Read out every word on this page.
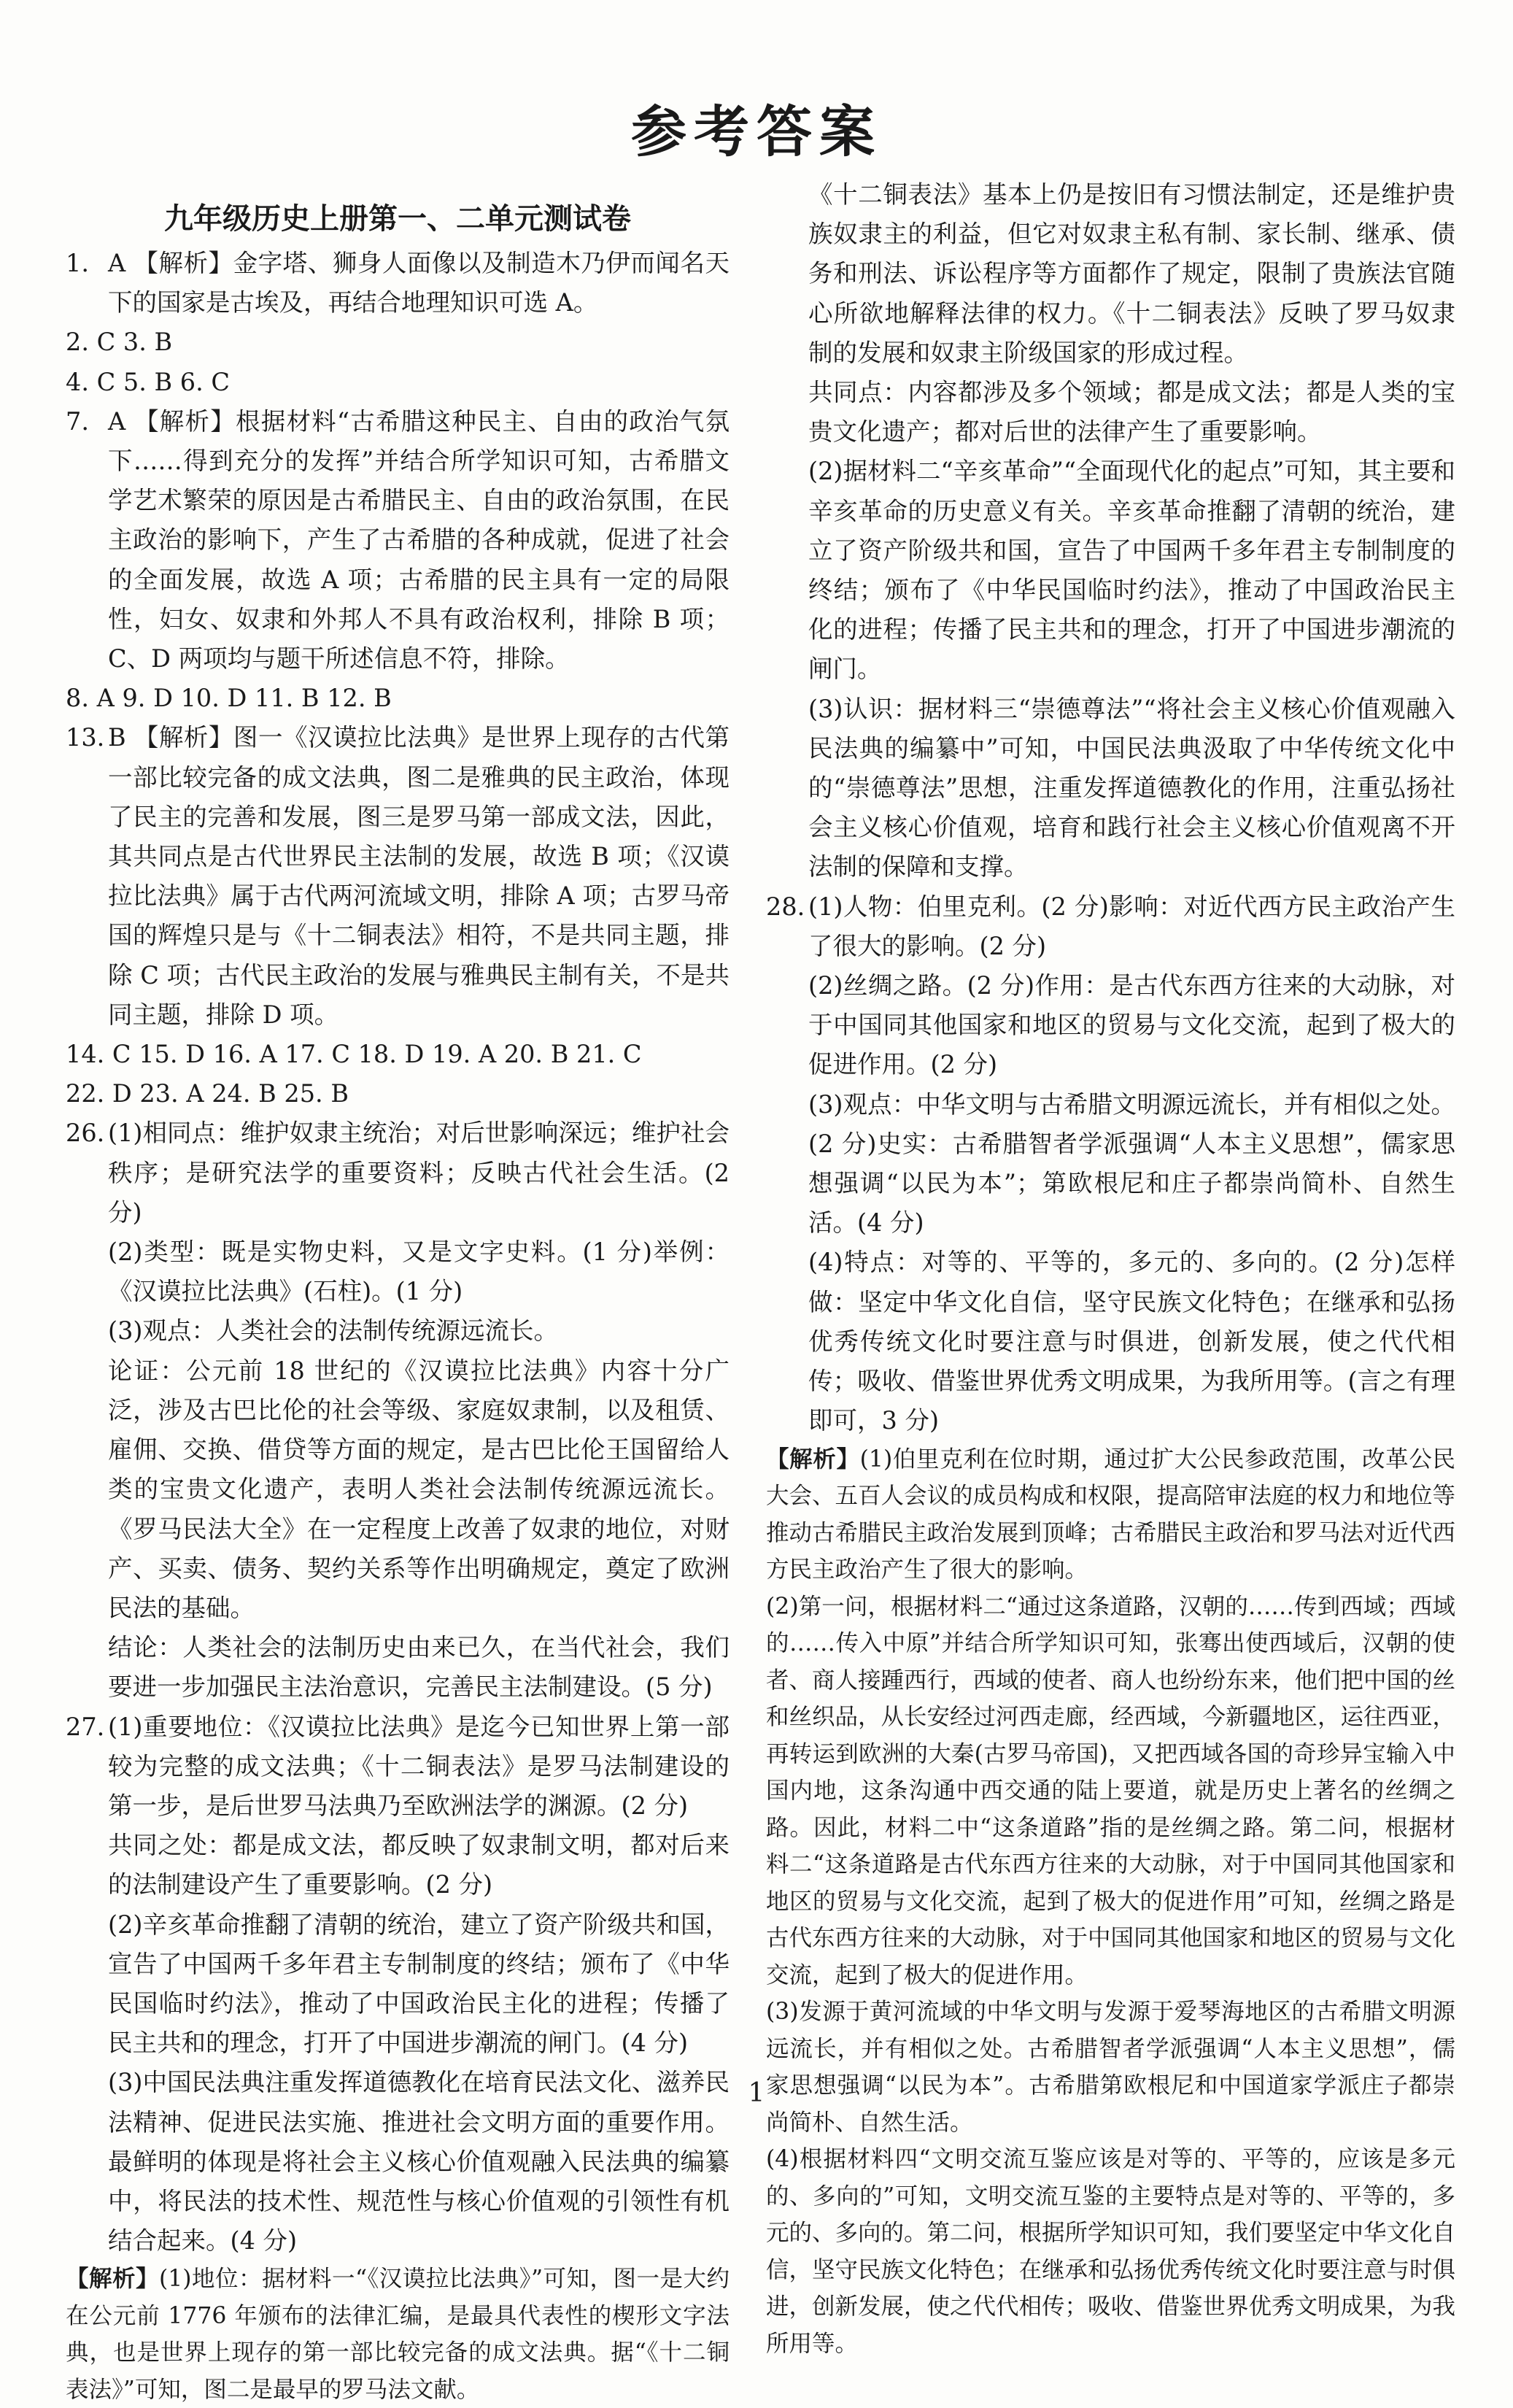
参考答案
九年级历史上册第一、二单元测试卷
1. A 【解析】金字塔、狮身人面像以及制造木乃伊而闻名天下的国家是古埃及，再结合地理知识可选 A。
2. C 3. B
4. C 5. B 6. C
7. A 【解析】根据材料“古希腊这种民主、自由的政治气氛下……得到充分的发挥”并结合所学知识可知，古希腊文学艺术繁荣的原因是古希腊民主、自由的政治氛围，在民主政治的影响下，产生了古希腊的各种成就，促进了社会的全面发展，故选 A 项；古希腊的民主具有一定的局限性，妇女、奴隶和外邦人不具有政治权利，排除 B 项；C、D 两项均与题干所述信息不符，排除。
8. A 9. D 10. D 11. B 12. B
13. B 【解析】图一《汉谟拉比法典》是世界上现存的古代第一部比较完备的成文法典，图二是雅典的民主政治，体现了民主的完善和发展，图三是罗马第一部成文法，因此，其共同点是古代世界民主法制的发展，故选 B 项；《汉谟拉比法典》属于古代两河流域文明，排除 A 项；古罗马帝国的辉煌只是与《十二铜表法》相符，不是共同主题，排除 C 项；古代民主政治的发展与雅典民主制有关，不是共同主题，排除 D 项。
14. C 15. D 16. A 17. C 18. D 19. A 20. B 21. C
22. D 23. A 24. B 25. B
26. (1)相同点：维护奴隶主统治；对后世影响深远；维护社会秩序；是研究法学的重要资料；反映古代社会生活。(2 分)
(2)类型：既是实物史料，又是文字史料。(1 分)举例：《汉谟拉比法典》(石柱)。(1 分)
(3)观点：人类社会的法制传统源远流长。
论证：公元前 18 世纪的《汉谟拉比法典》内容十分广泛，涉及古巴比伦的社会等级、家庭奴隶制，以及租赁、雇佣、交换、借贷等方面的规定，是古巴比伦王国留给人类的宝贵文化遗产，表明人类社会法制传统源远流长。《罗马民法大全》在一定程度上改善了奴隶的地位，对财产、买卖、债务、契约关系等作出明确规定，奠定了欧洲民法的基础。
结论：人类社会的法制历史由来已久，在当代社会，我们要进一步加强民主法治意识，完善民主法制建设。(5 分)
27. (1)重要地位：《汉谟拉比法典》是迄今已知世界上第一部较为完整的成文法典；《十二铜表法》是罗马法制建设的第一步，是后世罗马法典乃至欧洲法学的渊源。(2 分)
共同之处：都是成文法，都反映了奴隶制文明，都对后来的法制建设产生了重要影响。(2 分)
(2)辛亥革命推翻了清朝的统治，建立了资产阶级共和国，宣告了中国两千多年君主专制制度的终结；颁布了《中华民国临时约法》，推动了中国政治民主化的进程；传播了民主共和的理念，打开了中国进步潮流的闸门。(4 分)
(3)中国民法典注重发挥道德教化在培育民法文化、滋养民法精神、促进民法实施、推进社会文明方面的重要作用。最鲜明的体现是将社会主义核心价值观融入民法典的编纂中，将民法的技术性、规范性与核心价值观的引领性有机结合起来。(4 分)
【解析】(1)地位：据材料一“《汉谟拉比法典》”可知，图一是大约在公元前 1776 年颁布的法律汇编，是最具代表性的楔形文字法典，也是世界上现存的第一部比较完备的成文法典。据“《十二铜表法》”可知，图二是最早的罗马法文献。
《十二铜表法》基本上仍是按旧有习惯法制定，还是维护贵族奴隶主的利益，但它对奴隶主私有制、家长制、继承、债务和刑法、诉讼程序等方面都作了规定，限制了贵族法官随心所欲地解释法律的权力。《十二铜表法》反映了罗马奴隶制的发展和奴隶主阶级国家的形成过程。
共同点：内容都涉及多个领域；都是成文法；都是人类的宝贵文化遗产；都对后世的法律产生了重要影响。
(2)据材料二“辛亥革命”“全面现代化的起点”可知，其主要和辛亥革命的历史意义有关。辛亥革命推翻了清朝的统治，建立了资产阶级共和国，宣告了中国两千多年君主专制制度的终结；颁布了《中华民国临时约法》，推动了中国政治民主化的进程；传播了民主共和的理念，打开了中国进步潮流的闸门。
(3)认识：据材料三“崇德尊法”“将社会主义核心价值观融入民法典的编纂中”可知，中国民法典汲取了中华传统文化中的“崇德尊法”思想，注重发挥道德教化的作用，注重弘扬社会主义核心价值观，培育和践行社会主义核心价值观离不开法制的保障和支撑。
28. (1)人物：伯里克利。(2 分)影响：对近代西方民主政治产生了很大的影响。(2 分)
(2)丝绸之路。(2 分)作用：是古代东西方往来的大动脉，对于中国同其他国家和地区的贸易与文化交流，起到了极大的促进作用。(2 分)
(3)观点：中华文明与古希腊文明源远流长，并有相似之处。(2 分)史实：古希腊智者学派强调“人本主义思想”，儒家思想强调“以民为本”；第欧根尼和庄子都崇尚简朴、自然生活。(4 分)
(4)特点：对等的、平等的，多元的、多向的。(2 分)怎样做：坚定中华文化自信，坚守民族文化特色；在继承和弘扬优秀传统文化时要注意与时俱进，创新发展，使之代代相传；吸收、借鉴世界优秀文明成果，为我所用等。(言之有理即可，3 分)
【解析】(1)伯里克利在位时期，通过扩大公民参政范围，改革公民大会、五百人会议的成员构成和权限，提高陪审法庭的权力和地位等推动古希腊民主政治发展到顶峰；古希腊民主政治和罗马法对近代西方民主政治产生了很大的影响。
(2)第一问，根据材料二“通过这条道路，汉朝的……传到西域；西域的……传入中原”并结合所学知识可知，张骞出使西域后，汉朝的使者、商人接踵西行，西域的使者、商人也纷纷东来，他们把中国的丝和丝织品，从长安经过河西走廊，经西域，今新疆地区，运往西亚，再转运到欧洲的大秦(古罗马帝国)，又把西域各国的奇珍异宝输入中国内地，这条沟通中西交通的陆上要道，就是历史上著名的丝绸之路。因此，材料二中“这条道路”指的是丝绸之路。第二问，根据材料二“这条道路是古代东西方往来的大动脉，对于中国同其他国家和地区的贸易与文化交流，起到了极大的促进作用”可知，丝绸之路是古代东西方往来的大动脉，对于中国同其他国家和地区的贸易与文化交流，起到了极大的促进作用。
(3)发源于黄河流域的中华文明与发源于爱琴海地区的古希腊文明源远流长，并有相似之处。古希腊智者学派强调“人本主义思想”，儒家思想强调“以民为本”。古希腊第欧根尼和中国道家学派庄子都崇尚简朴、自然生活。
(4)根据材料四“文明交流互鉴应该是对等的、平等的，应该是多元的、多向的”可知，文明交流互鉴的主要特点是对等的、平等的，多元的、多向的。第二问，根据所学知识可知，我们要坚定中华文化自信，坚守民族文化特色；在继承和弘扬优秀传统文化时要注意与时俱进，创新发展，使之代代相传；吸收、借鉴世界优秀文明成果，为我所用等。
1
